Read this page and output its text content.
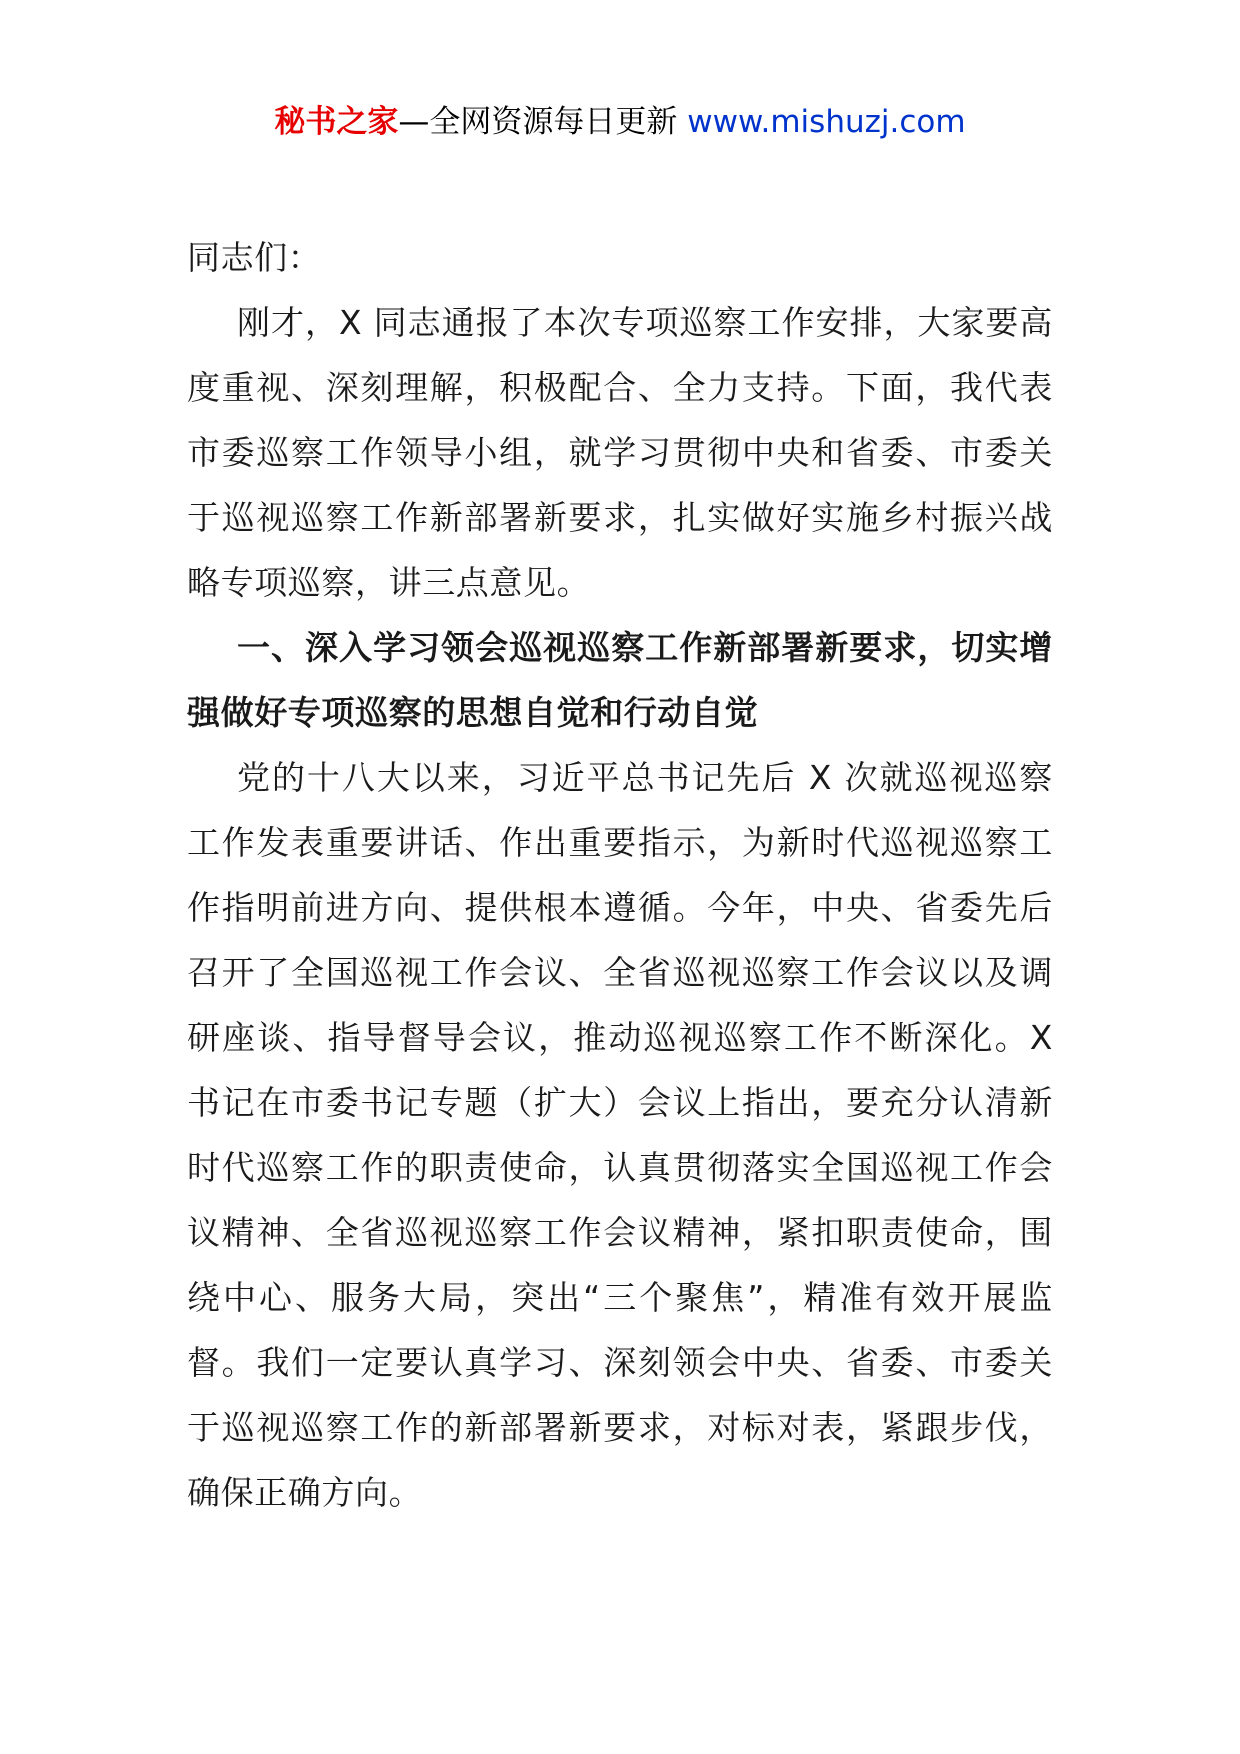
秘书之家—全网资源每日更新 www.mishuzj.com

同志们：

刚才，X 同志通报了本次专项巡察工作安排，大家要高度重视、深刻理解，积极配合、全力支持。下面，我代表市委巡察工作领导小组，就学习贯彻中央和省委、市委关于巡视巡察工作新部署新要求，扎实做好实施乡村振兴战略专项巡察，讲三点意见。

一、深入学习领会巡视巡察工作新部署新要求，切实增强做好专项巡察的思想自觉和行动自觉

党的十八大以来，习近平总书记先后 X 次就巡视巡察工作发表重要讲话、作出重要指示，为新时代巡视巡察工作指明前进方向、提供根本遵循。今年，中央、省委先后召开了全国巡视工作会议、全省巡视巡察工作会议以及调研座谈、指导督导会议，推动巡视巡察工作不断深化。X 书记在市委书记专题（扩大）会议上指出，要充分认清新时代巡察工作的职责使命，认真贯彻落实全国巡视工作会议精神、全省巡视巡察工作会议精神，紧扣职责使命，围绕中心、服务大局，突出“三个聚焦”，精准有效开展监督。我们一定要认真学习、深刻领会中央、省委、市委关于巡视巡察工作的新部署新要求，对标对表，紧跟步伐，确保正确方向。
